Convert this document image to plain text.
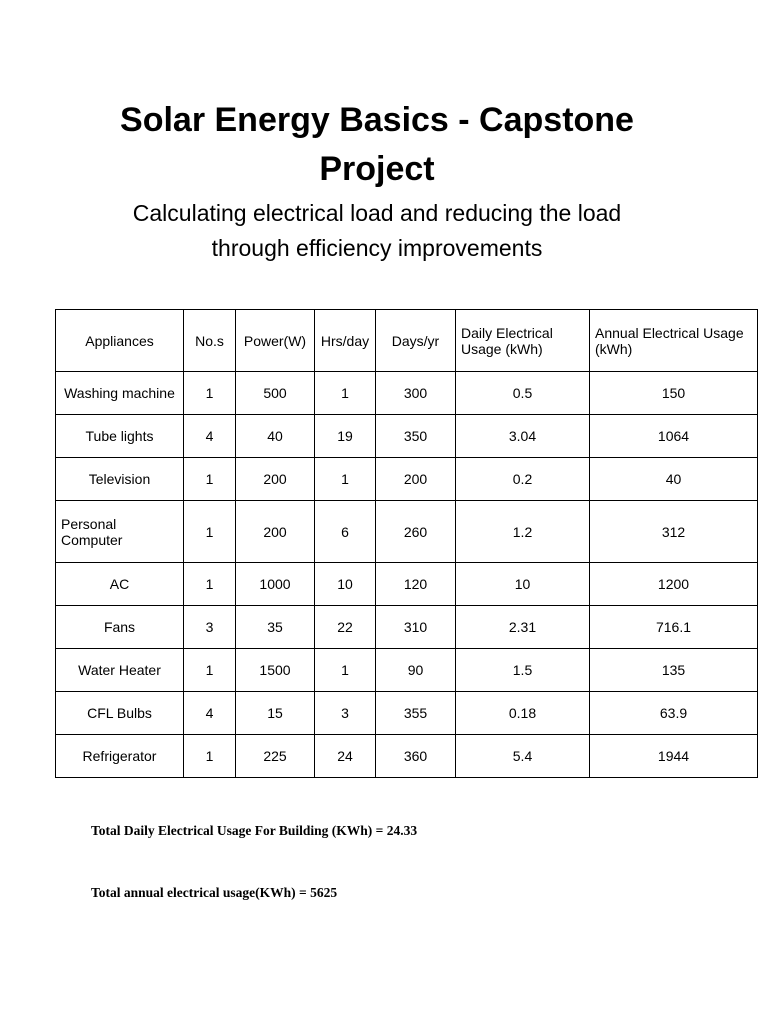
Solar Energy Basics - Capstone
Project

Calculating electrical load and reducing the load
through efficiency improvements

Appliances	No.s	Power(W)	Hrs/day	Days/yr	Daily Electrical Usage (kWh)	Annual Electrical Usage (kWh)
Washing machine	1	500	1	300	0.5	150
Tube lights	4	40	19	350	3.04	1064
Television	1	200	1	200	0.2	40
Personal Computer	1	200	6	260	1.2	312
AC	1	1000	10	120	10	1200
Fans	3	35	22	310	2.31	716.1
Water Heater	1	1500	1	90	1.5	135
CFL Bulbs	4	15	3	355	0.18	63.9
Refrigerator	1	225	24	360	5.4	1944

Total Daily Electrical Usage For Building (KWh) = 24.33

Total annual electrical usage(KWh) = 5625
